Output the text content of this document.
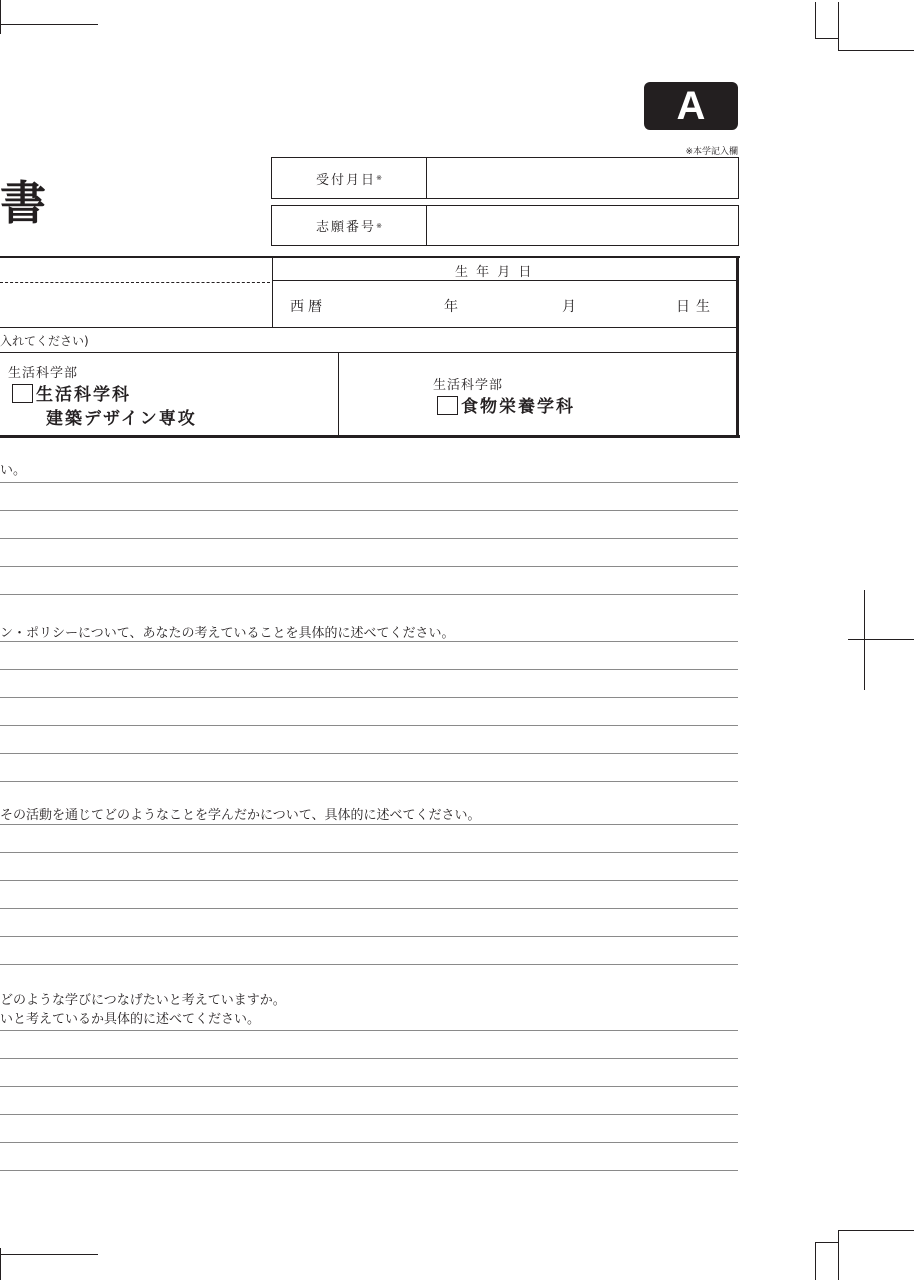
A
※本学記入欄
書	受付月日 ※
志願番号 ※
生 年 月 日
西暦	年	月	日生
入れてください)
生活科学部
生活科学科
建築デザイン専攻
生活科学部
食物栄養学科
い。
ン・ポリシーについて、あなたの考えていることを具体的に述べてください。
その活動を通じてどのようなことを学んだかについて、具体的に述べてください。
どのような学びにつなげたいと考えていますか。
いと考えているか具体的に述べてください。
